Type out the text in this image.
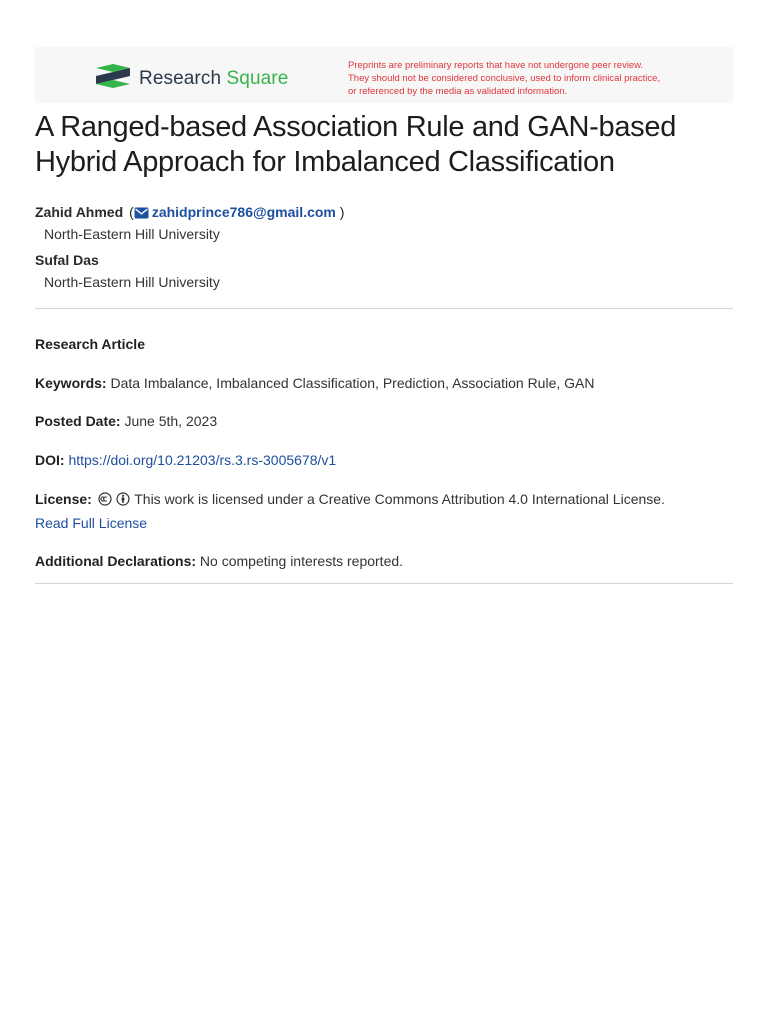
Research Square
Preprints are preliminary reports that have not undergone peer review.
They should not be considered conclusive, used to inform clinical practice,
or referenced by the media as validated information.
A Ranged-based Association Rule and GAN-based
Hybrid Approach for Imbalanced Classification
Zahid Ahmed ( zahidprince786@gmail.com )
North-Eastern Hill University
Sufal Das
North-Eastern Hill University
Research Article
Keywords: Data Imbalance, Imbalanced Classification, Prediction, Association Rule, GAN
Posted Date: June 5th, 2023
DOI: https://doi.org/10.21203/rs.3.rs-3005678/v1
License:	This work is licensed under a Creative Commons Attribution 4.0 International License.
Read Full License
Additional Declarations: No competing interests reported.
